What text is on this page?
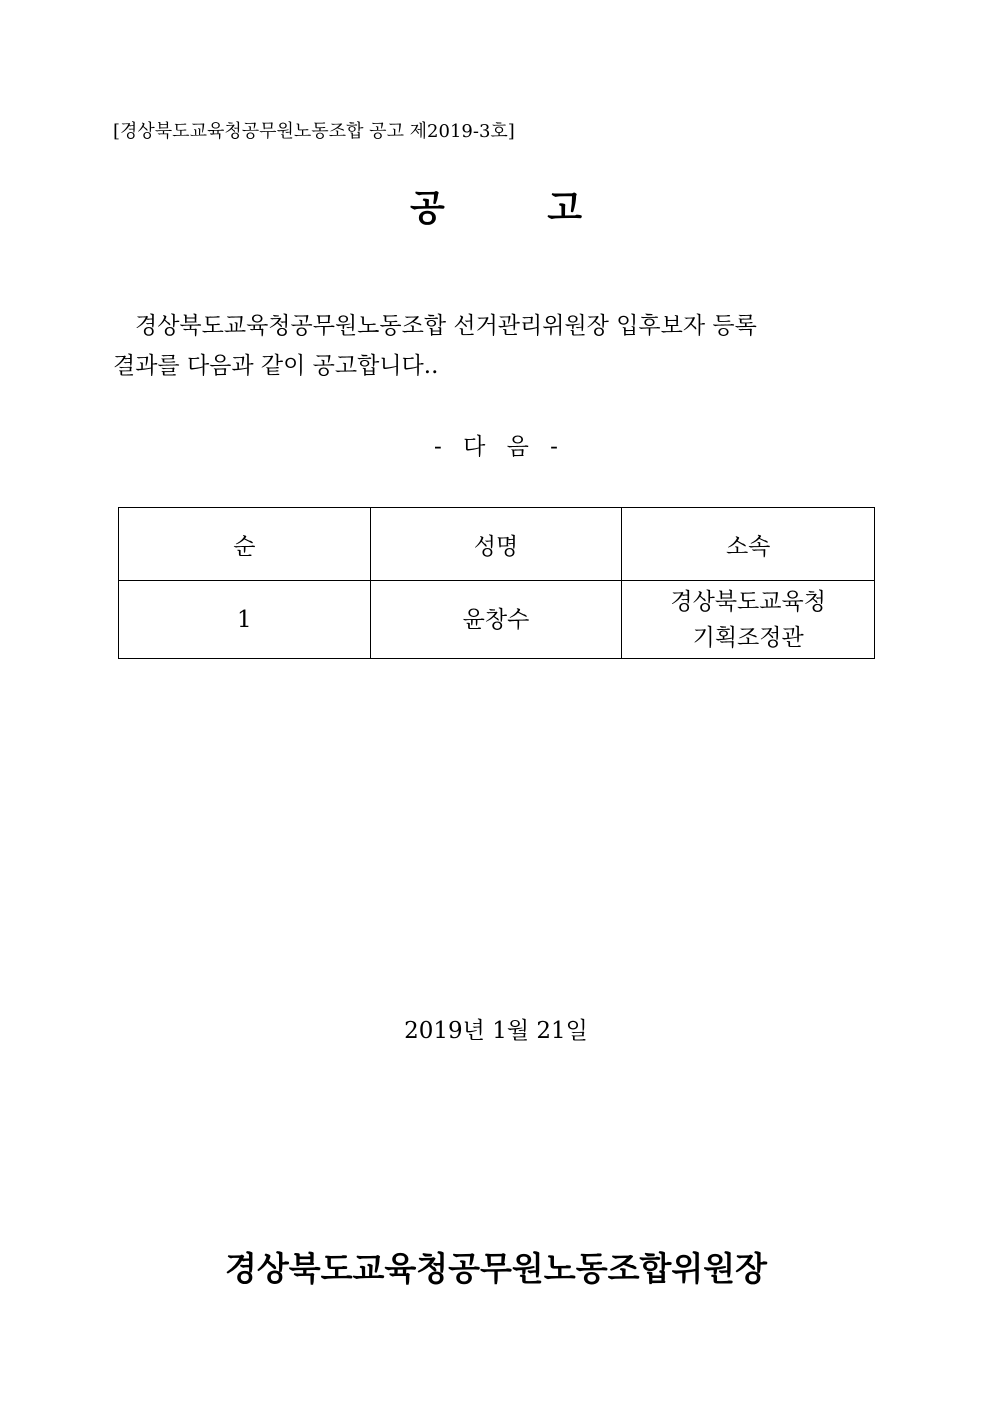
[경상북도교육청공무원노동조합 공고 제2019-3호]
공 고
경상북도교육청공무원노동조합 선거관리위원장 입후보자 등록
결과를 다음과 같이 공고합니다..
- 다 음 -
순	성명	소속
1	윤창수	경상북도교육청
기획조정관
2019년 1월 21일
경상북도교육청공무원노동조합위원장
